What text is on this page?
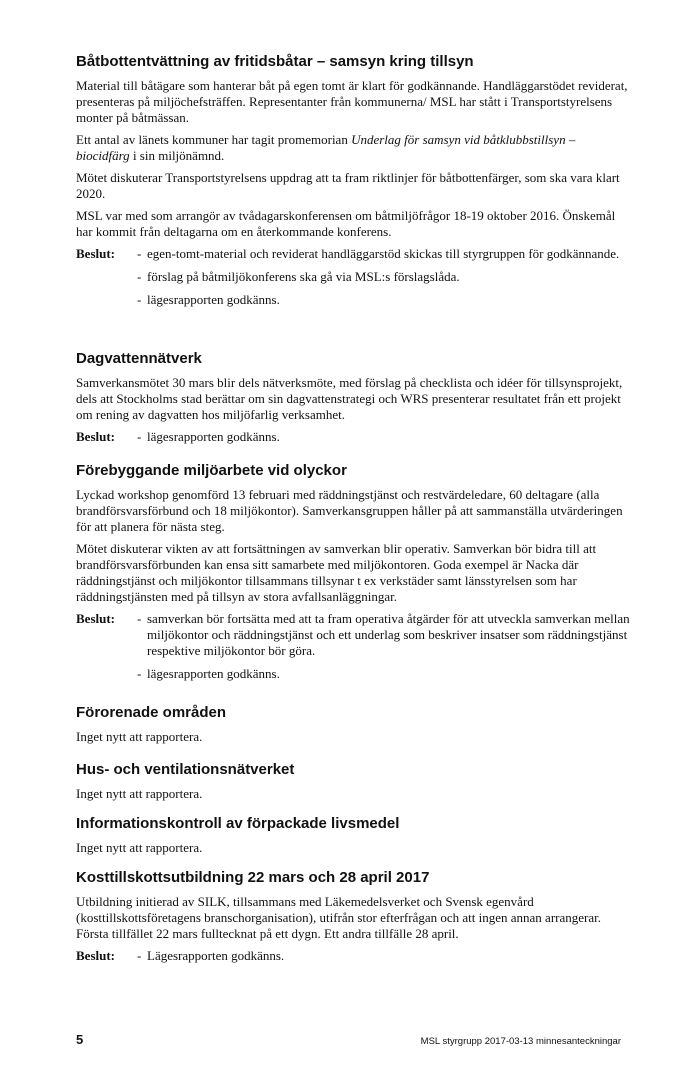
Båtbottentvättning av fritidsbåtar – samsyn kring tillsyn

Material till båtägare som hanterar båt på egen tomt är klart för godkännande. Handläggarstödet reviderat, presenteras på miljöchefsträffen. Representanter från kommunerna/ MSL har stått i Transportstyrelsens monter på båtmässan.

Ett antal av länets kommuner har tagit promemorian Underlag för samsyn vid båtklubbstillsyn – biocidfärg i sin miljönämnd.

Mötet diskuterar Transportstyrelsens uppdrag att ta fram riktlinjer för båtbottenfärger, som ska vara klart 2020.

MSL var med som arrangör av tvådagarskonferensen om båtmiljöfrågor 18-19 oktober 2016. Önskemål har kommit från deltagarna om en återkommande konferens.

Beslut:	- egen-tomt-material och reviderat handläggarstöd skickas till styrgruppen för godkännande.
- förslag på båtmiljökonferens ska gå via MSL:s förslagslåda.
- lägesrapporten godkänns.
Dagvattennätverk

Samverkansmötet 30 mars blir dels nätverksmöte, med förslag på checklista och idéer för tillsynsprojekt, dels att Stockholms stad berättar om sin dagvattenstrategi och WRS presenterar resultatet från ett projekt om rening av dagvatten hos miljöfarlig verksamhet.

Beslut:	- lägesrapporten godkänns.
Förebyggande miljöarbete vid olyckor

Lyckad workshop genomförd 13 februari med räddningstjänst och restvärdeledare, 60 deltagare (alla brandförsvarsförbund och 18 miljökontor). Samverkansgruppen håller på att sammanställa utvärderingen för att planera för nästa steg.

Mötet diskuterar vikten av att fortsättningen av samverkan blir operativ. Samverkan bör bidra till att brandförsvarsförbunden kan ensa sitt samarbete med miljökontoren. Goda exempel är Nacka där räddningstjänst och miljökontor tillsammans tillsynar t ex verkstäder samt länsstyrelsen som har räddningstjänsten med på tillsyn av stora avfallsanläggningar.

Beslut:	- samverkan bör fortsätta med att ta fram operativa åtgärder för att utveckla samverkan mellan miljökontor och räddningstjänst och ett underlag som beskriver insatser som räddningstjänst respektive miljökontor bör göra.
- lägesrapporten godkänns.
Förorenade områden

Inget nytt att rapportera.

Hus- och ventilationsnätverket

Inget nytt att rapportera.

Informationskontroll av förpackade livsmedel

Inget nytt att rapportera.

Kosttillskottsutbildning 22 mars och 28 april 2017

Utbildning initierad av SILK, tillsammans med Läkemedelsverket och Svensk egenvård (kosttillskottsföretagens branschorganisation), utifrån stor efterfrågan och att ingen annan arrangerar. Första tillfället 22 mars fulltecknat på ett dygn. Ett andra tillfälle 28 april.

Beslut:	- Lägesrapporten godkänns.
5	MSL styrgrupp 2017-03-13 minnesanteckningar
